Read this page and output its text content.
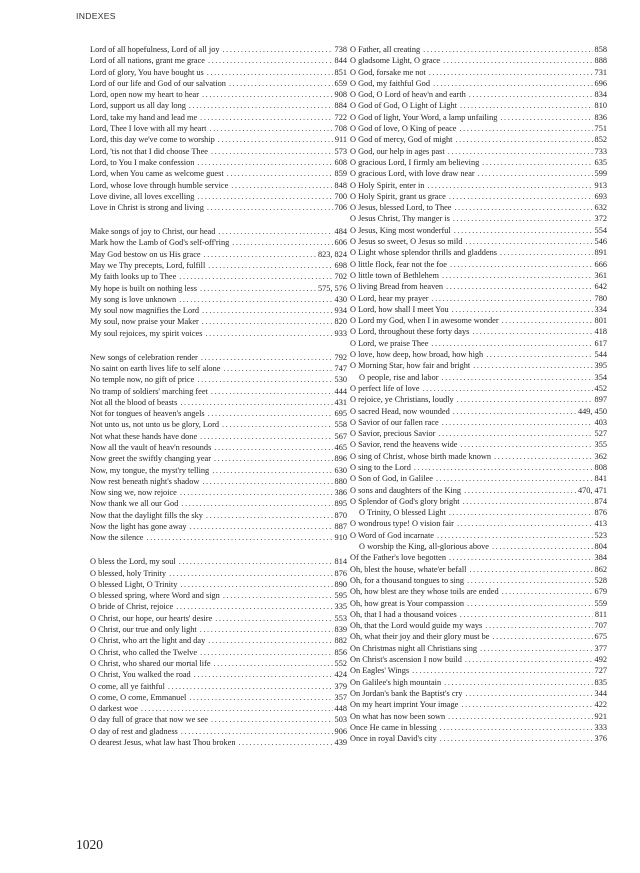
INDEXES
Lord of all hopefulness, Lord of all joy .....	738
Lord of all nations, grant me grace .....	844
Lord of glory, You have bought us .....	851
Lord of our life and God of our salvation .....	659
Lord, open now my heart to hear .....	908
Lord, support us all day long .....	884
Lord, take my hand and lead me .....	722
Lord, Thee I love with all my heart .....	708
Lord, this day we've come to worship .....	911
Lord, 'tis not that I did choose Thee .....	573
Lord, to You I make confession .....	608
Lord, when You came as welcome guest .....	859
Lord, whose love through humble service .....	848
Love divine, all loves excelling .....	700
Love in Christ is strong and living .....	706
Make songs of joy to Christ, our head .....	484
Mark how the Lamb of God's self-off'ring .....	606
May God bestow on us His grace .....	823, 824
May we Thy precepts, Lord, fulfill .....	698
My faith looks up to Thee .....	702
My hope is built on nothing less .....	575, 576
My song is love unknown .....	430
My soul now magnifies the Lord .....	934
My soul, now praise your Maker .....	820
My soul rejoices, my spirit voices .....	933
New songs of celebration render .....	792
No saint on earth lives life to self alone .....	747
No temple now, no gift of price .....	530
No tramp of soldiers' marching feet .....	444
Not all the blood of beasts .....	431
Not for tongues of heaven's angels .....	695
Not unto us, not unto us be glory, Lord .....	558
Not what these hands have done .....	567
Now all the vault of heav'n resounds .....	465
Now greet the swiftly changing year .....	896
Now, my tongue, the myst'ry telling .....	630
Now rest beneath night's shadow .....	880
Now sing we, now rejoice .....	386
Now thank we all our God .....	895
Now that the daylight fills the sky .....	870
Now the light has gone away .....	887
Now the silence .....	910
O bless the Lord, my soul .....	814
O blessed, holy Trinity .....	876
O blessed Light, O Trinity .....	890
O blessed spring, where Word and sign .....	595
O bride of Christ, rejoice .....	335
O Christ, our hope, our hearts' desire .....	553
O Christ, our true and only light .....	839
O Christ, who art the light and day .....	882
O Christ, who called the Twelve .....	856
O Christ, who shared our mortal life .....	552
O Christ, You walked the road .....	424
O come, all ye faithful .....	379
O come, O come, Emmanuel .....	357
O darkest woe .....	448
O day full of grace that now we see .....	503
O day of rest and gladness .....	906
O dearest Jesus, what law hast Thou broken .....	439
O Father, all creating .....	858
O gladsome Light, O grace .....	888
O God, forsake me not .....	731
O God, my faithful God .....	696
O God, O Lord of heav'n and earth .....	834
O God of God, O Light of Light .....	810
O God of light, Your Word, a lamp unfailing .....	836
O God of love, O King of peace .....	751
O God of mercy, God of might .....	852
O God, our help in ages past .....	733
O gracious Lord, I firmly am believing .....	635
O gracious Lord, with love draw near .....	599
O Holy Spirit, enter in .....	913
O Holy Spirit, grant us grace .....	693
O Jesus, blessed Lord, to Thee .....	632
O Jesus Christ, Thy manger is .....	372
O Jesus, King most wonderful .....	554
O Jesus so sweet, O Jesus so mild .....	546
O Light whose splendor thrills and gladdens .....	891
O little flock, fear not the foe .....	666
O little town of Bethlehem .....	361
O living Bread from heaven .....	642
O Lord, hear my prayer .....	780
O Lord, how shall I meet You .....	334
O Lord my God, when I in awesome wonder .....	801
O Lord, throughout these forty days .....	418
O Lord, we praise Thee .....	617
O love, how deep, how broad, how high .....	544
O Morning Star, how fair and bright .....	395
O people, rise and labor .....	354
O perfect life of love .....	452
O rejoice, ye Christians, loudly .....	897
O sacred Head, now wounded .....	449, 450
O Savior of our fallen race .....	403
O Savior, precious Savior .....	527
O Savior, rend the heavens wide .....	355
O sing of Christ, whose birth made known .....	362
O sing to the Lord .....	808
O Son of God, in Galilee .....	841
O sons and daughters of the King .....	470, 471
O Splendor of God's glory bright .....	874
O Trinity, O blessed Light .....	876
O wondrous type! O vision fair .....	413
O Word of God incarnate .....	523
O worship the King, all-glorious above .....	804
Of the Father's love begotten .....	384
Oh, blest the house, whate'er befall .....	862
Oh, for a thousand tongues to sing .....	528
Oh, how blest are they whose toils are ended .....	679
Oh, how great is Your compassion .....	559
Oh, that I had a thousand voices .....	811
Oh, that the Lord would guide my ways .....	707
Oh, what their joy and their glory must be .....	675
On Christmas night all Christians sing .....	377
On Christ's ascension I now build .....	492
On Eagles' Wings .....	727
On Galilee's high mountain .....	835
On Jordan's bank the Baptist's cry .....	344
On my heart imprint Your image .....	422
On what has now been sown .....	921
Once He came in blessing .....	333
Once in royal David's city .....	376
1020
